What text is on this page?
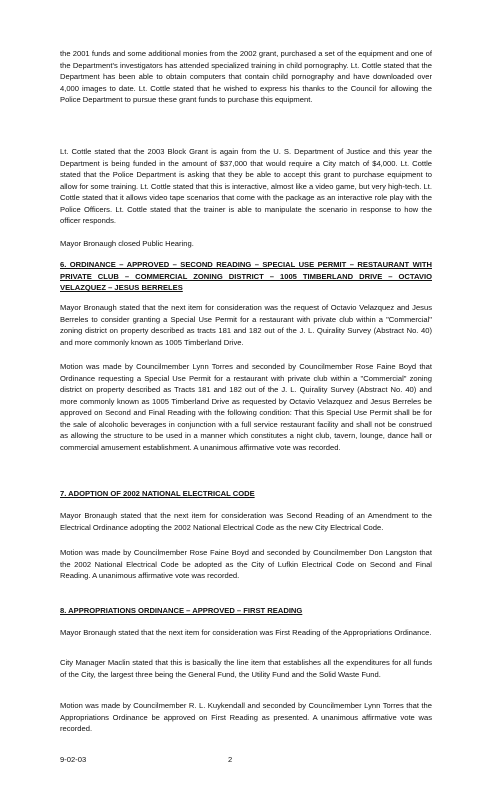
the 2001 funds and some additional monies from the 2002 grant, purchased a set of the equipment and one of the Department's investigators has attended specialized training in child pornography. Lt. Cottle stated that the Department has been able to obtain computers that contain child pornography and have downloaded over 4,000 images to date. Lt. Cottle stated that he wished to express his thanks to the Council for allowing the Police Department to pursue these grant funds to purchase this equipment.

Lt. Cottle stated that the 2003 Block Grant is again from the U. S. Department of Justice and this year the Department is being funded in the amount of $37,000 that would require a City match of $4,000. Lt. Cottle stated that the Police Department is asking that they be able to accept this grant to purchase equipment to allow for some training. Lt. Cottle stated that this is interactive, almost like a video game, but very high-tech. Lt. Cottle stated that it allows video tape scenarios that come with the package as an interactive role play with the Police Officers. Lt. Cottle stated that the trainer is able to manipulate the scenario in response to how the officer responds.

Mayor Bronaugh closed Public Hearing.

6. ORDINANCE – APPROVED – SECOND READING – SPECIAL USE PERMIT – RESTAURANT WITH PRIVATE CLUB – COMMERCIAL ZONING DISTRICT – 1005 TIMBERLAND DRIVE – OCTAVIO VELAZQUEZ – JESUS BERRELES

Mayor Bronaugh stated that the next item for consideration was the request of Octavio Velazquez and Jesus Berreles to consider granting a Special Use Permit for a restaurant with private club within a "Commercial" zoning district on property described as tracts 181 and 182 out of the J. L. Quirality Survey (Abstract No. 40) and more commonly known as 1005 Timberland Drive.

Motion was made by Councilmember Lynn Torres and seconded by Councilmember Rose Faine Boyd that Ordinance requesting a Special Use Permit for a restaurant with private club within a "Commercial" zoning district on property described as Tracts 181 and 182 out of the J. L. Quirality Survey (Abstract No. 40) and more commonly known as 1005 Timberland Drive as requested by Octavio Velazquez and Jesus Berreles be approved on Second and Final Reading with the following condition: That this Special Use Permit shall be for the sale of alcoholic beverages in conjunction with a full service restaurant facility and shall not be construed as allowing the structure to be used in a manner which constitutes a night club, tavern, lounge, dance hall or commercial amusement establishment. A unanimous affirmative vote was recorded.

7. ADOPTION OF 2002 NATIONAL ELECTRICAL CODE

Mayor Bronaugh stated that the next item for consideration was Second Reading of an Amendment to the Electrical Ordinance adopting the 2002 National Electrical Code as the new City Electrical Code.

Motion was made by Councilmember Rose Faine Boyd and seconded by Councilmember Don Langston that the 2002 National Electrical Code be adopted as the City of Lufkin Electrical Code on Second and Final Reading. A unanimous affirmative vote was recorded.

8. APPROPRIATIONS ORDINANCE – APPROVED – FIRST READING

Mayor Bronaugh stated that the next item for consideration was First Reading of the Appropriations Ordinance.

City Manager Maclin stated that this is basically the line item that establishes all the expenditures for all funds of the City, the largest three being the General Fund, the Utility Fund and the Solid Waste Fund.

Motion was made by Councilmember R. L. Kuykendall and seconded by Councilmember Lynn Torres that the Appropriations Ordinance be approved on First Reading as presented. A unanimous affirmative vote was recorded.

9-02-03	2
